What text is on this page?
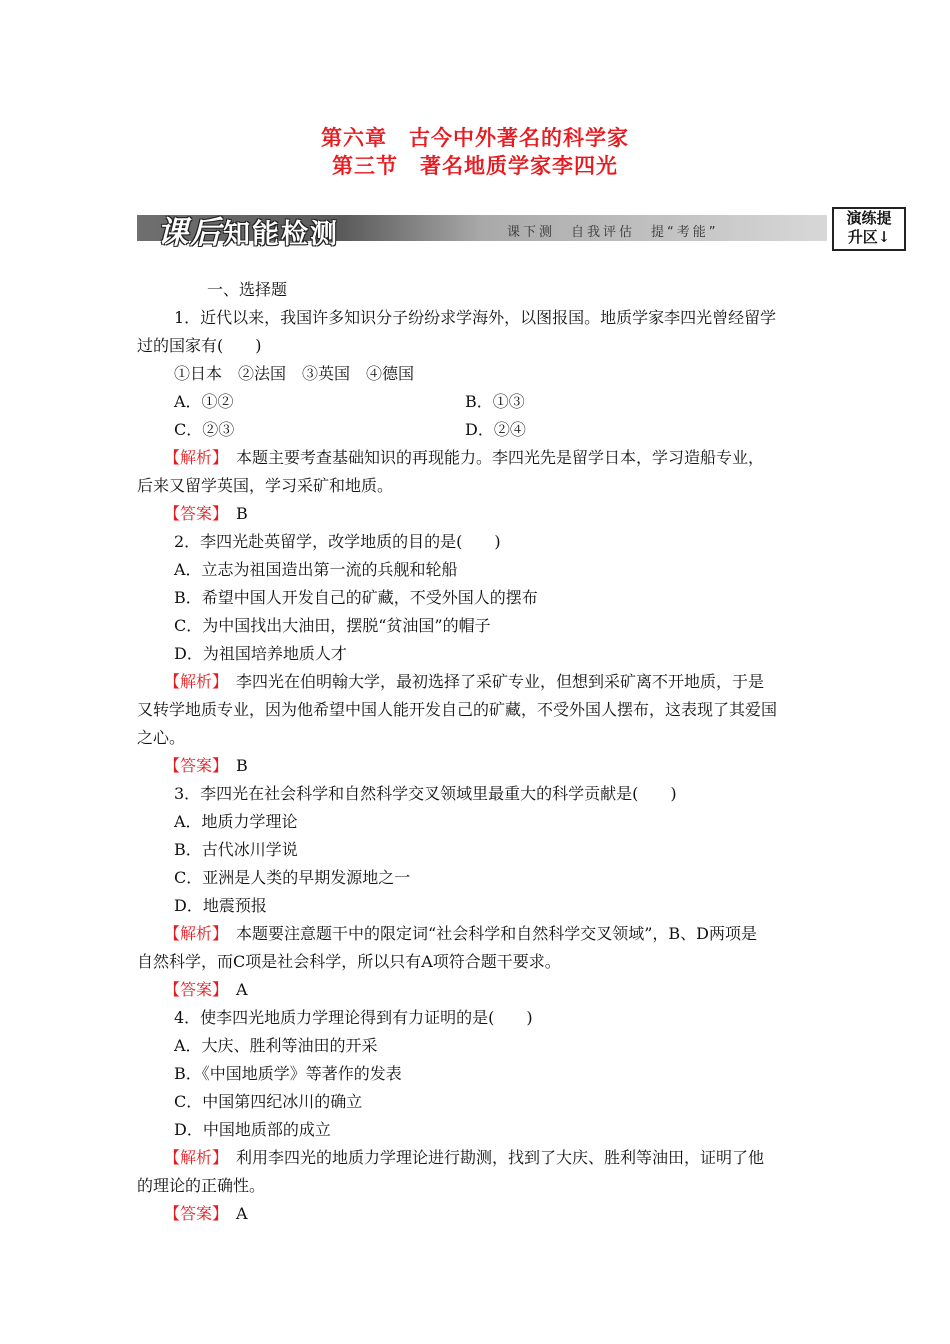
第六章　古今中外著名的科学家
第三节　著名地质学家李四光
课后知能检测	课下测　自我评估　提“考能”
演练提
升区↓
一、选择题
1．近代以来，我国许多知识分子纷纷求学海外，以图报国。地质学家李四光曾经留学
过的国家有(　　)
①日本　②法国　③英国　④德国
A．①②	B．①③
C．②③	D．②④
【解析】　本题主要考查基础知识的再现能力。李四光先是留学日本，学习造船专业，
后来又留学英国，学习采矿和地质。
【答案】　B
2．李四光赴英留学，改学地质的目的是(　　)
A．立志为祖国造出第一流的兵舰和轮船
B．希望中国人开发自己的矿藏，不受外国人的摆布
C．为中国找出大油田，摆脱“贫油国”的帽子
D．为祖国培养地质人才
【解析】　李四光在伯明翰大学，最初选择了采矿专业，但想到采矿离不开地质，于是
又转学地质专业，因为他希望中国人能开发自己的矿藏，不受外国人摆布，这表现了其爱国
之心。
【答案】　B
3．李四光在社会科学和自然科学交叉领域里最重大的科学贡献是(　　)
A．地质力学理论
B．古代冰川学说
C．亚洲是人类的早期发源地之一
D．地震预报
【解析】　本题要注意题干中的限定词“社会科学和自然科学交叉领域”，B、D两项是
自然科学，而C项是社会科学，所以只有A项符合题干要求。
【答案】　A
4．使李四光地质力学理论得到有力证明的是(　　)
A．大庆、胜利等油田的开采
B．《中国地质学》等著作的发表
C．中国第四纪冰川的确立
D．中国地质部的成立
【解析】　利用李四光的地质力学理论进行勘测，找到了大庆、胜利等油田，证明了他
的理论的正确性。
【答案】　A
